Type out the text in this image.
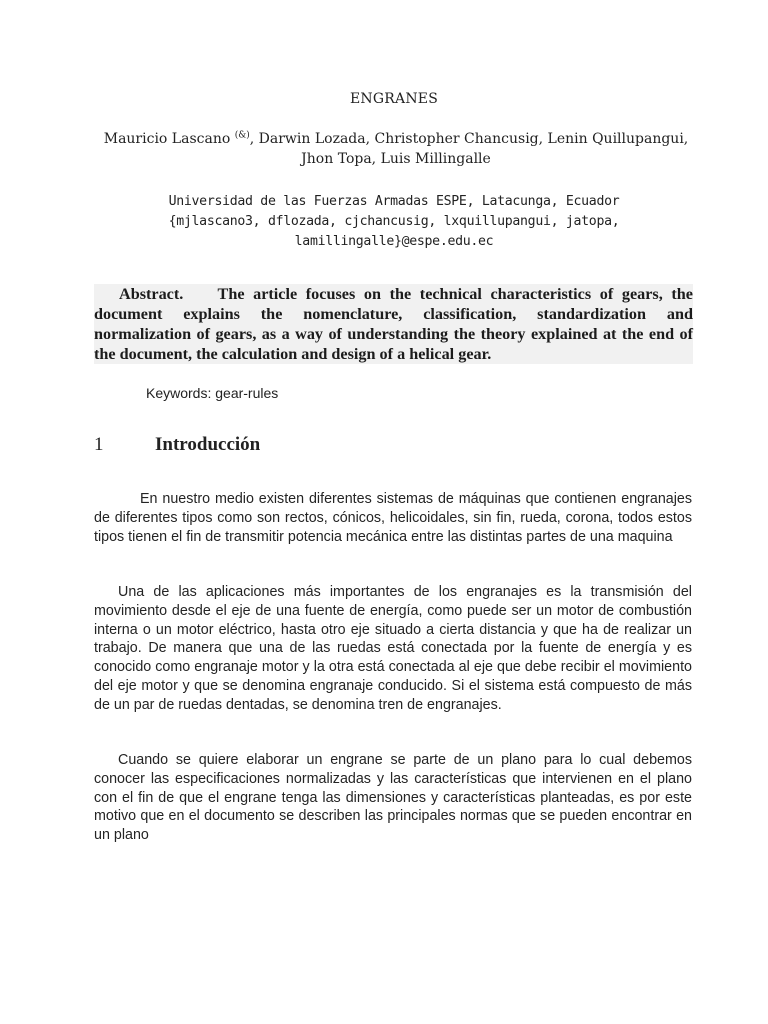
ENGRANES
Mauricio Lascano (&), Darwin Lozada, Christopher Chancusig, Lenin Quillupangui, Jhon Topa, Luis Millingalle
Universidad de las Fuerzas Armadas ESPE, Latacunga, Ecuador
{mjlascano3, dflozada, cjchancusig, lxquillupangui, jatopa, lamillingalle}@espe.edu.ec
Abstract. The article focuses on the technical characteristics of gears, the document explains the nomenclature, classification, standardization and normalization of gears, as a way of understanding the theory explained at the end of the document, the calculation and design of a helical gear.
Keywords: gear-rules
1	Introducción
En nuestro medio existen diferentes sistemas de máquinas que contienen engranajes de diferentes tipos como son rectos, cónicos, helicoidales, sin fin, rueda, corona, todos estos tipos tienen el fin de transmitir potencia mecánica entre las distintas partes de una maquina
Una de las aplicaciones más importantes de los engranajes es la transmisión del movimiento desde el eje de una fuente de energía, como puede ser un motor de combustión interna o un motor eléctrico, hasta otro eje situado a cierta distancia y que ha de realizar un trabajo. De manera que una de las ruedas está conectada por la fuente de energía y es conocido como engranaje motor y la otra está conectada al eje que debe recibir el movimiento del eje motor y que se denomina engranaje conducido. Si el sistema está compuesto de más de un par de ruedas dentadas, se denomina tren de engranajes.
Cuando se quiere elaborar un engrane se parte de un plano para lo cual debemos conocer las especificaciones normalizadas y las características que intervienen en el plano con el fin de que el engrane tenga las dimensiones y características planteadas, es por este motivo que en el documento se describen las principales normas que se pueden encontrar en un plano
